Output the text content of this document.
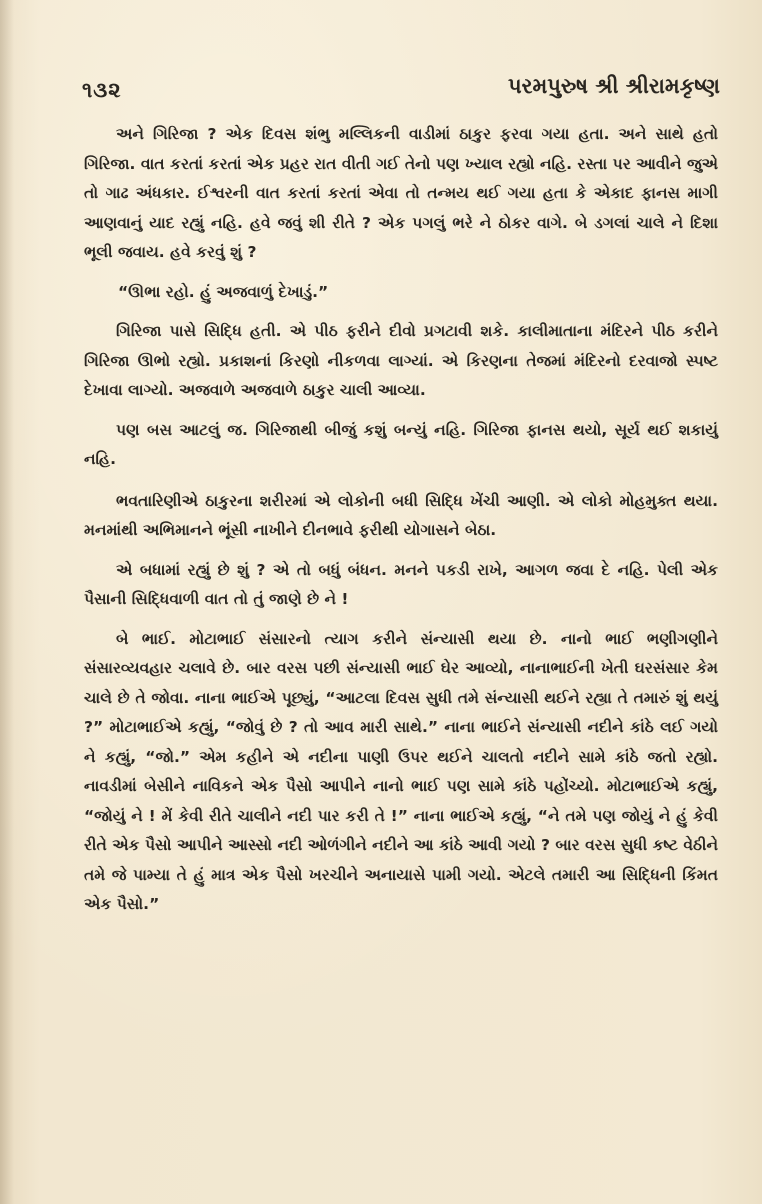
૧૩૨	પરમપુરુષ શ્રી શ્રીરામકૃષ્ણ

અને ગિરિજા ? એક દિવસ શંભુ મલ્લિકની વાડીમાં ઠાકુર ફરવા ગયા હતા. અને સાથે હતો ગિરિજા. વાત કરતાં કરતાં એક પ્રહર રાત વીતી ગઈ તેનો પણ ખ્યાલ રહ્યો નહિ. રસ્તા પર આવીને જુએ તો ગાઢ અંધકાર. ઈશ્વરની વાત કરતાં કરતાં એવા તો તન્મય થઈ ગયા હતા કે એકાદ ફાનસ માગી આણવાનું યાદ રહ્યું નહિ. હવે જવું શી રીતે ? એક પગલું ભરે ને ઠોકર વાગે. બે ડગલાં ચાલે ને દિશા ભૂલી જવાય. હવે કરવું શું ?

“ઊભા રહો. હું અજવાળું દેખાડું.”

ગિરિજા પાસે સિદ્ધિ હતી. એ પીઠ ફરીને દીવો પ્રગટાવી શકે. કાલીમાતાના મંદિરને પીઠ કરીને ગિરિજા ઊભો રહ્યો. પ્રકાશનાં કિરણો નીકળવા લાગ્યાં. એ કિરણના તેજમાં મંદિરનો દરવાજો સ્પષ્ટ દેખાવા લાગ્યો. અજવાળે અજવાળે ઠાકુર ચાલી આવ્યા.

પણ બસ આટલું જ. ગિરિજાથી બીજું કશું બન્યું નહિ. ગિરિજા ફાનસ થયો, સૂર્ય થઈ શકાયું નહિ.

ભવતારિણીએ ઠાકુરના શરીરમાં એ લોકોની બધી સિદ્ધિ ખેંચી આણી. એ લોકો મોહમુક્ત થયા. મનમાંથી અભિમાનને ભૂંસી નાખીને દીનભાવે ફરીથી યોગાસને બેઠા.

એ બધામાં રહ્યું છે શું ? એ તો બધું બંધન. મનને પકડી રાખે, આગળ જવા દે નહિ. પેલી એક પૈસાની સિદ્ધિવાળી વાત તો તું જાણે છે ને !

બે ભાઈ. મોટાભાઈ સંસારનો ત્યાગ કરીને સંન્યાસી થયા છે. નાનો ભાઈ ભણીગણીને સંસારવ્યવહાર ચલાવે છે. બાર વરસ પછી સંન્યાસી ભાઈ ઘેર આવ્યો, નાનાભાઈની ખેતી ઘરસંસાર કેમ ચાલે છે તે જોવા. નાના ભાઈએ પૂછ્યું, “આટલા દિવસ સુધી તમે સંન્યાસી થઈને રહ્યા તે તમારું શું થયું ?” મોટાભાઈએ કહ્યું, “જોવું છે ? તો આવ મારી સાથે.” નાના ભાઈને સંન્યાસી નદીને કાંઠે લઈ ગયો ને કહ્યું, “જો.” એમ કહીને એ નદીના પાણી ઉપર થઈને ચાલતો નદીને સામે કાંઠે જતો રહ્યો. નાવડીમાં બેસીને નાવિકને એક પૈસો આપીને નાનો ભાઈ પણ સામે કાંઠે પહોંચ્યો. મોટાભાઈએ કહ્યું, “જોયું ને ! મેં કેવી રીતે ચાલીને નદી પાર કરી તે !” નાના ભાઈએ કહ્યું, “ને તમે પણ જોયું ને હું કેવી રીતે એક પૈસો આપીને આસ્સો નદી ઓળંગીને નદીને આ કાંઠે આવી ગયો ? બાર વરસ સુધી કષ્ટ વેઠીને તમે જે પામ્યા તે હું માત્ર એક પૈસો ખરચીને અનાયાસે પામી ગયો. એટલે તમારી આ સિદ્ધિની કિંમત એક પૈસો.”
